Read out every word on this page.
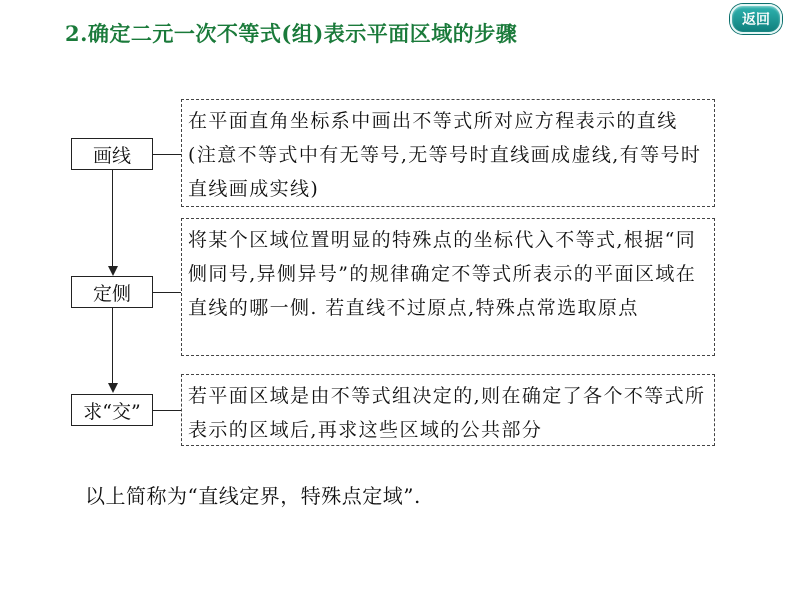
2.确定二元一次不等式(组)表示平面区域的步骤
返回
画线
在平面直角坐标系中画出不等式所对应方程表示的直线(注意不等式中有无等号,无等号时直线画成虚线,有等号时直线画成实线)
定侧
将某个区域位置明显的特殊点的坐标代入不等式,根据“同侧同号,异侧异号”的规律确定不等式所表示的平面区域在直线的哪一侧. 若直线不过原点,特殊点常选取原点
求“交”
若平面区域是由不等式组决定的,则在确定了各个不等式所表示的区域后,再求这些区域的公共部分
以上简称为“直线定界，特殊点定域”.
